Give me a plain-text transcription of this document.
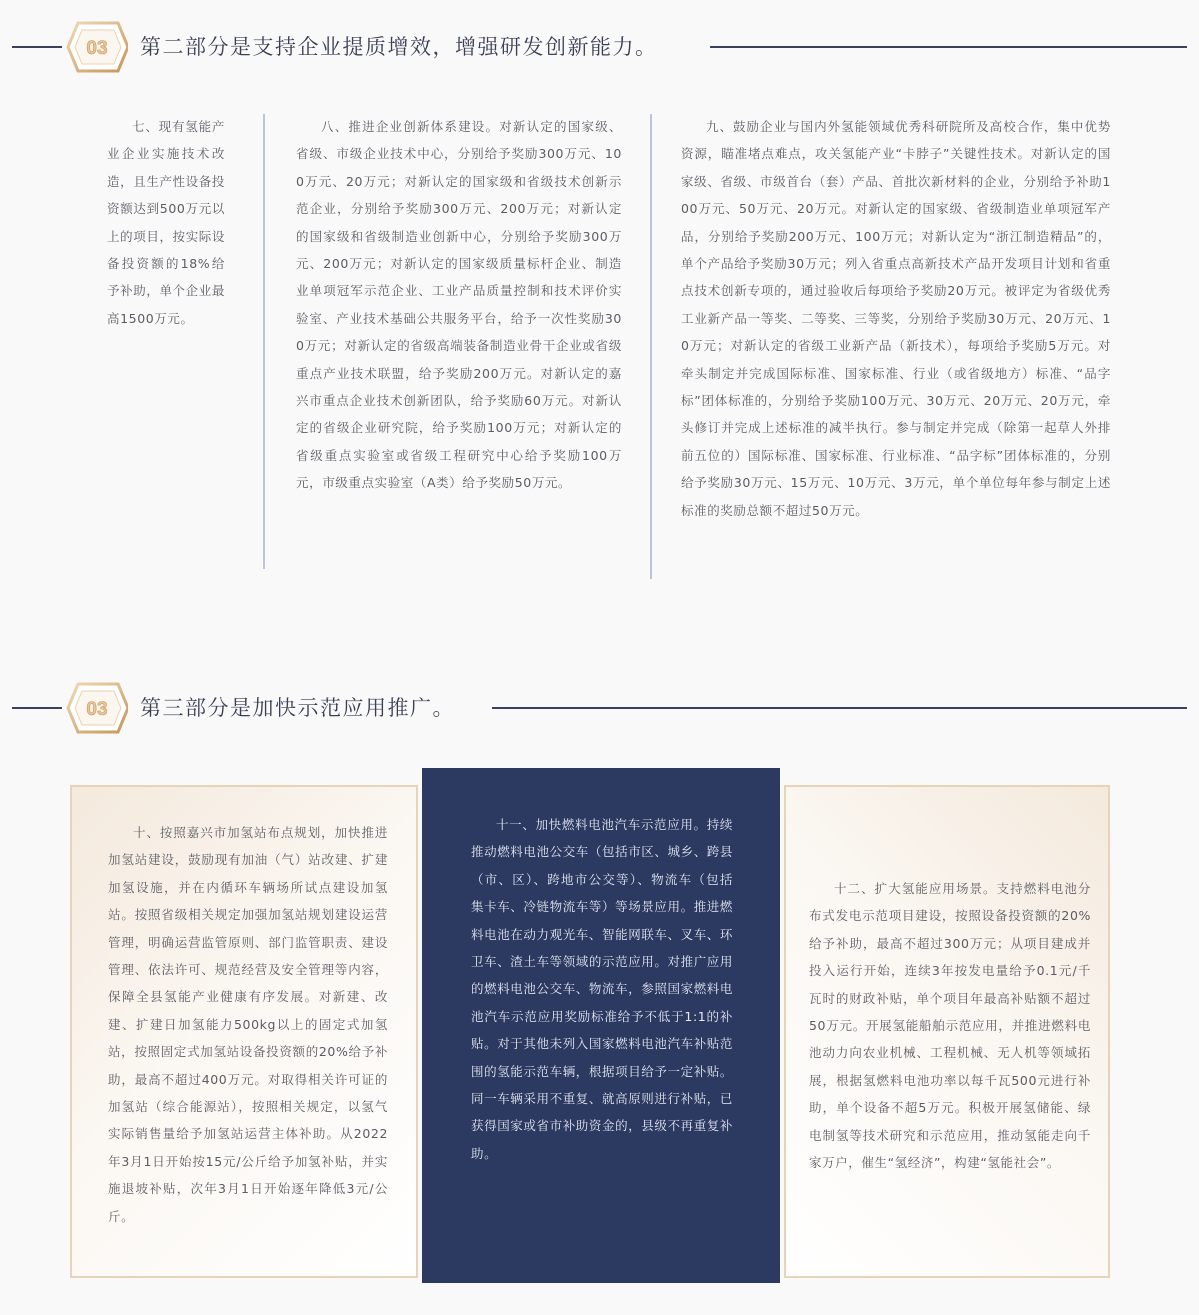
03 第二部分是支持企业提质增效，增强研发创新能力。
七、现有氢能产业企业实施技术改造，且生产性设备投资额达到500万元以上的项目，按实际设备投资额的18%给予补助，单个企业最高1500万元。
八、推进企业创新体系建设。对新认定的国家级、省级、市级企业技术中心，分别给予奖励300万元、100万元、20万元；对新认定的国家级和省级技术创新示范企业，分别给予奖励300万元、200万元；对新认定的国家级和省级制造业创新中心，分别给予奖励300万元、200万元；对新认定的国家级质量标杆企业、制造业单项冠军示范企业、工业产品质量控制和技术评价实验室、产业技术基础公共服务平台，给予一次性奖励300万元；对新认定的省级高端装备制造业骨干企业或省级重点产业技术联盟，给予奖励200万元。对新认定的嘉兴市重点企业技术创新团队，给予奖励60万元。对新认定的省级企业研究院，给予奖励100万元；对新认定的省级重点实验室或省级工程研究中心给予奖励100万元，市级重点实验室（A类）给予奖励50万元。
九、鼓励企业与国内外氢能领域优秀科研院所及高校合作，集中优势资源，瞄准堵点难点，攻关氢能产业“卡脖子”关键性技术。对新认定的国家级、省级、市级首台（套）产品、首批次新材料的企业，分别给予补助100万元、50万元、20万元。对新认定的国家级、省级制造业单项冠军产品，分别给予奖励200万元、100万元；对新认定为“浙江制造精品”的，单个产品给予奖励30万元；列入省重点高新技术产品开发项目计划和省重点技术创新专项的，通过验收后每项给予奖励20万元。被评定为省级优秀工业新产品一等奖、二等奖、三等奖，分别给予奖励30万元、20万元、10万元；对新认定的省级工业新产品（新技术），每项给予奖励5万元。对牵头制定并完成国际标准、国家标准、行业（或省级地方）标准、“品字标”团体标准的，分别给予奖励100万元、30万元、20万元、20万元，牵头修订并完成上述标准的减半执行。参与制定并完成（除第一起草人外排前五位的）国际标准、国家标准、行业标准、“品字标”团体标准的，分别给予奖励30万元、15万元、10万元、3万元，单个单位每年参与制定上述标准的奖励总额不超过50万元。
03 第三部分是加快示范应用推广。
十、按照嘉兴市加氢站布点规划，加快推进加氢站建设，鼓励现有加油（气）站改建、扩建加氢设施，并在内循环车辆场所试点建设加氢站。按照省级相关规定加强加氢站规划建设运营管理，明确运营监管原则、部门监管职责、建设管理、依法许可、规范经营及安全管理等内容，保障全县氢能产业健康有序发展。对新建、改建、扩建日加氢能力500kg以上的固定式加氢站，按照固定式加氢站设备投资额的20%给予补助，最高不超过400万元。对取得相关许可证的加氢站（综合能源站），按照相关规定，以氢气实际销售量给予加氢站运营主体补助。从2022年3月1日开始按15元/公斤给予加氢补贴，并实施退坡补贴，次年3月1日开始逐年降低3元/公斤。
十一、加快燃料电池汽车示范应用。持续推动燃料电池公交车（包括市区、城乡、跨县（市、区）、跨地市公交等）、物流车（包括集卡车、冷链物流车等）等场景应用。推进燃料电池在动力观光车、智能网联车、叉车、环卫车、渣土车等领域的示范应用。对推广应用的燃料电池公交车、物流车，参照国家燃料电池汽车示范应用奖励标准给予不低于1:1的补贴。对于其他未列入国家燃料电池汽车补贴范围的氢能示范车辆，根据项目给予一定补贴。同一车辆采用不重复、就高原则进行补贴，已获得国家或省市补助资金的，县级不再重复补助。
十二、扩大氢能应用场景。支持燃料电池分布式发电示范项目建设，按照设备投资额的20%给予补助，最高不超过300万元；从项目建成并投入运行开始，连续3年按发电量给予0.1元/千瓦时的财政补贴，单个项目年最高补贴额不超过50万元。开展氢能船舶示范应用，并推进燃料电池动力向农业机械、工程机械、无人机等领域拓展，根据氢燃料电池功率以每千瓦500元进行补助，单个设备不超5万元。积极开展氢储能、绿电制氢等技术研究和示范应用，推动氢能走向千家万户，催生“氢经济”，构建“氢能社会”。
